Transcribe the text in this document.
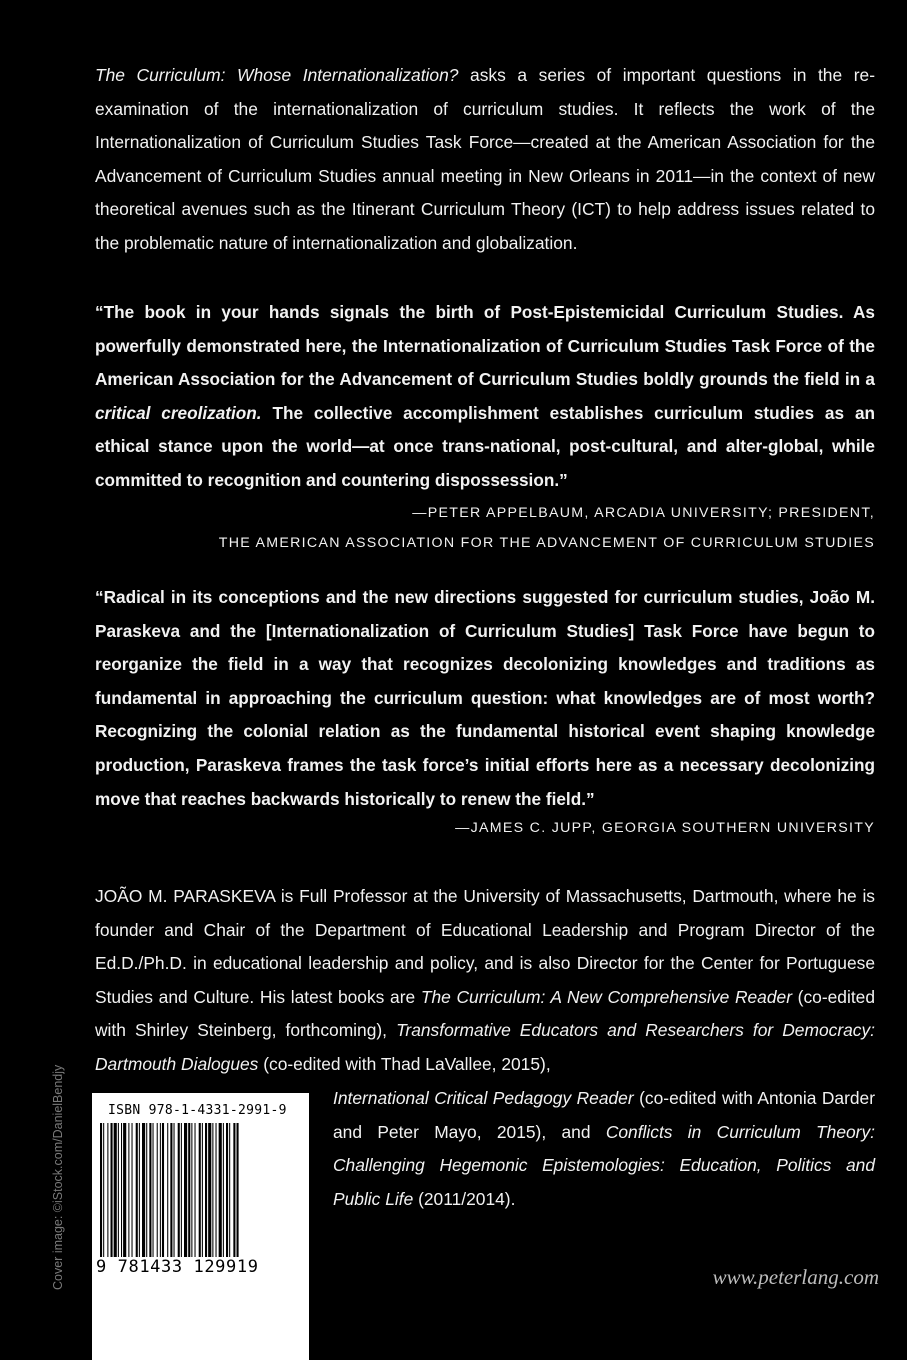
The Curriculum: Whose Internationalization? asks a series of important questions in the re-examination of the internationalization of curriculum studies. It reflects the work of the Internationalization of Curriculum Studies Task Force—created at the American Association for the Advancement of Curriculum Studies annual meeting in New Orleans in 2011—in the context of new theoretical avenues such as the Itinerant Curriculum Theory (ICT) to help address issues related to the problematic nature of internationalization and globalization.

“The book in your hands signals the birth of Post-Epistemicidal Curriculum Studies. As powerfully demonstrated here, the Internationalization of Curriculum Studies Task Force of the American Association for the Advancement of Curriculum Studies boldly grounds the field in a critical creolization. The collective accomplishment establishes curriculum studies as an ethical stance upon the world—at once trans-national, post-cultural, and alter-global, while committed to recognition and countering dispossession.”

—PETER APPELBAUM, ARCADIA UNIVERSITY; PRESIDENT,
THE AMERICAN ASSOCIATION FOR THE ADVANCEMENT OF CURRICULUM STUDIES

“Radical in its conceptions and the new directions suggested for curriculum studies, João M. Paraskeva and the [Internationalization of Curriculum Studies] Task Force have begun to reorganize the field in a way that recognizes decolonizing knowledges and traditions as fundamental in approaching the curriculum question: what knowledges are of most worth? Recognizing the colonial relation as the fundamental historical event shaping knowledge production, Paraskeva frames the task force’s initial efforts here as a necessary decolonizing move that reaches backwards historically to renew the field.”

—JAMES C. JUPP, GEORGIA SOUTHERN UNIVERSITY

JOÃO M. PARASKEVA is Full Professor at the University of Massachusetts, Dartmouth, where he is founder and Chair of the Department of Educational Leadership and Program Director of the Ed.D./Ph.D. in educational leadership and policy, and is also Director for the Center for Portuguese Studies and Culture. His latest books are The Curriculum: A New Comprehensive Reader (co-edited with Shirley Steinberg, forthcoming), Transformative Educators and Researchers for Democracy: Dartmouth Dialogues (co-edited with Thad LaVallee, 2015),

International Critical Pedagogy Reader (co-edited with Antonia Darder and Peter Mayo, 2015), and Conflicts in Curriculum Theory: Challenging Hegemonic Epistemologies: Education, Politics and Public Life (2011/2014).

Cover image: ©iStock.com/DanielBendjy	ISBN 978-1-4331-2991-9
9 781433 129919	www.peterlang.com
